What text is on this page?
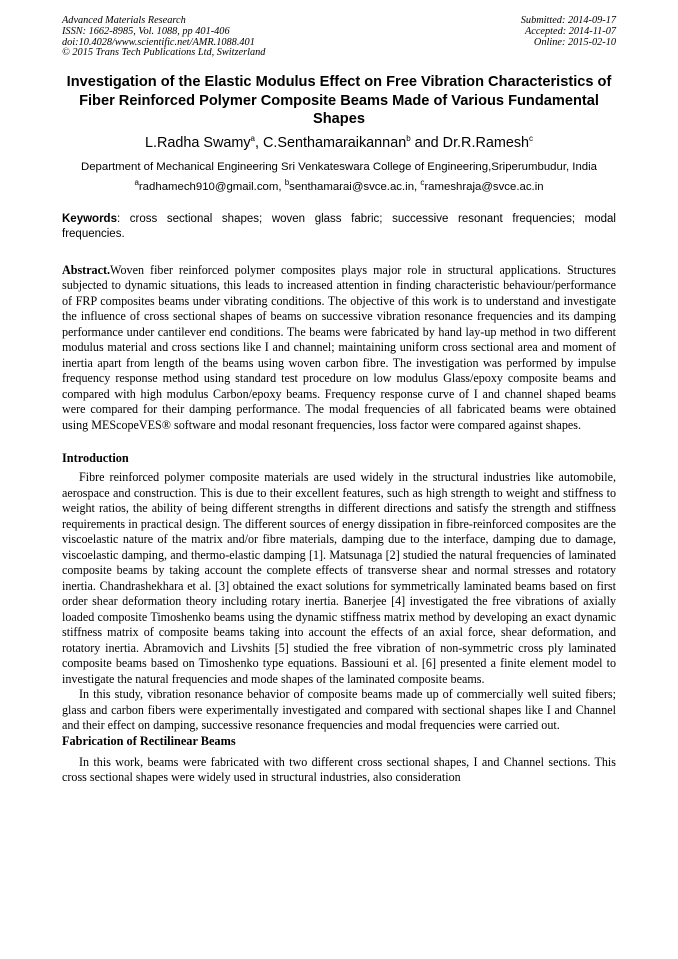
Advanced Materials Research
ISSN: 1662-8985, Vol. 1088, pp 401-406
doi:10.4028/www.scientific.net/AMR.1088.401
© 2015 Trans Tech Publications Ltd, Switzerland
Submitted: 2014-09-17
Accepted: 2014-11-07
Online: 2015-02-10
Investigation of the Elastic Modulus Effect on Free Vibration Characteristics of Fiber Reinforced Polymer Composite Beams Made of Various Fundamental Shapes
L.Radha Swamy$^a$, C.Senthamaraikannan$^b$ and Dr.R.Ramesh$^c$
Department of Mechanical Engineering Sri Venkateswara College of Engineering,Sriperumbudur, India
$^a$radhamech910@gmail.com, $^b$senthamarai@svce.ac.in, $^c$rameshraja@svce.ac.in
Keywords: cross sectional shapes; woven glass fabric; successive resonant frequencies; modal frequencies.
Abstract.Woven fiber reinforced polymer composites plays major role in structural applications. Structures subjected to dynamic situations, this leads to increased attention in finding characteristic behaviour/performance of FRP composites beams under vibrating conditions. The objective of this work is to understand and investigate the influence of cross sectional shapes of beams on successive vibration resonance frequencies and its damping performance under cantilever end conditions. The beams were fabricated by hand lay-up method in two different modulus material and cross sections like I and channel; maintaining uniform cross sectional area and moment of inertia apart from length of the beams using woven carbon fibre. The investigation was performed by impulse frequency response method using standard test procedure on low modulus Glass/epoxy composite beams and compared with high modulus Carbon/epoxy beams. Frequency response curve of I and channel shaped beams were compared for their damping performance. The modal frequencies of all fabricated beams were obtained using MEScopeVES® software and modal resonant frequencies, loss factor were compared against shapes.
Introduction

Fibre reinforced polymer composite materials are used widely in the structural industries like automobile, aerospace and construction. This is due to their excellent features, such as high strength to weight and stiffness to weight ratios, the ability of being different strengths in different directions and satisfy the strength and stiffness requirements in practical design. The different sources of energy dissipation in fibre-reinforced composites are the viscoelastic nature of the matrix and/or fibre materials, damping due to the interface, damping due to damage, viscoelastic damping, and thermo-elastic damping [1]. Matsunaga [2] studied the natural frequencies of laminated composite beams by taking account the complete effects of transverse shear and normal stresses and rotatory inertia. Chandrashekhara et al. [3] obtained the exact solutions for symmetrically laminated beams based on first order shear deformation theory including rotary inertia. Banerjee [4] investigated the free vibrations of axially loaded composite Timoshenko beams using the dynamic stiffness matrix method by developing an exact dynamic stiffness matrix of composite beams taking into account the effects of an axial force, shear deformation, and rotatory inertia. Abramovich and Livshits [5] studied the free vibration of non-symmetric cross ply laminated composite beams based on Timoshenko type equations. Bassiouni et al. [6] presented a finite element model to investigate the natural frequencies and mode shapes of the laminated composite beams.

In this study, vibration resonance behavior of composite beams made up of commercially well suited fibers; glass and carbon fibers were experimentally investigated and compared with sectional shapes like I and Channel and their effect on damping, successive resonance frequencies and modal frequencies were carried out.

Fabrication of Rectilinear Beams

In this work, beams were fabricated with two different cross sectional shapes, I and Channel sections. This cross sectional shapes were widely used in structural industries, also consideration
